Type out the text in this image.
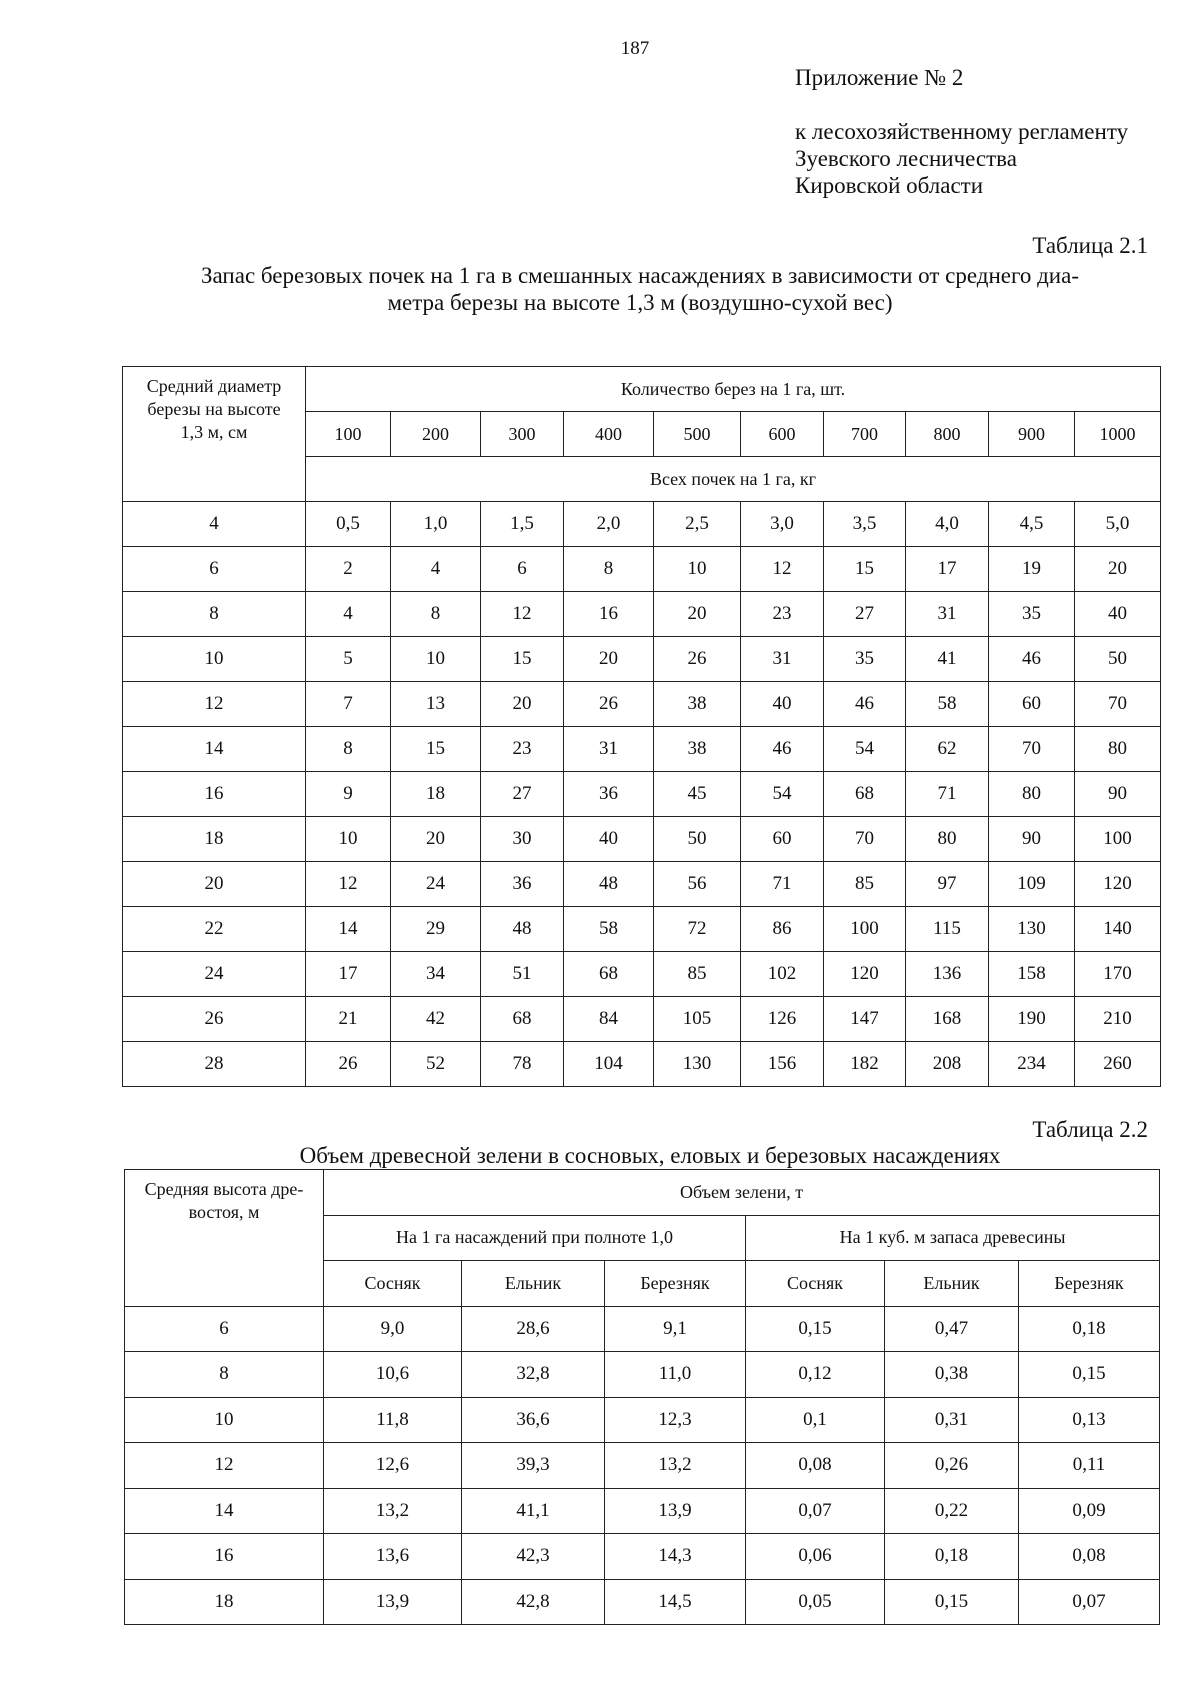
187
Приложение № 2
к лесохозяйственному регламенту
Зуевского лесничества
Кировской области
Таблица 2.1
Запас березовых почек на 1 га в смешанных насаждениях в зависимости от среднего диа-
метра березы на высоте 1,3 м (воздушно-сухой вес)
Средний диаметр
березы на высоте
1,3 м, см	Количество берез на 1 га, шт.									
	100	200	300	400	500	600	700	800	900	1000
	Всех почек на 1 га, кг									
4	0,5	1,0	1,5	2,0	2,5	3,0	3,5	4,0	4,5	5,0
6	2	4	6	8	10	12	15	17	19	20
8	4	8	12	16	20	23	27	31	35	40
10	5	10	15	20	26	31	35	41	46	50
12	7	13	20	26	38	40	46	58	60	70
14	8	15	23	31	38	46	54	62	70	80
16	9	18	27	36	45	54	68	71	80	90
18	10	20	30	40	50	60	70	80	90	100
20	12	24	36	48	56	71	85	97	109	120
22	14	29	48	58	72	86	100	115	130	140
24	17	34	51	68	85	102	120	136	158	170
26	21	42	68	84	105	126	147	168	190	210
28	26	52	78	104	130	156	182	208	234	260
Таблица 2.2
Объем древесной зелени в сосновых, еловых и березовых насаждениях
Средняя высота дре-
востоя, м	Объем зелени, т					
	На 1 га насаждений при полноте 1,0			На 1 куб. м запаса древесины		
	Сосняк	Ельник	Березняк	Сосняк	Ельник	Березняк
6	9,0	28,6	9,1	0,15	0,47	0,18
8	10,6	32,8	11,0	0,12	0,38	0,15
10	11,8	36,6	12,3	0,1	0,31	0,13
12	12,6	39,3	13,2	0,08	0,26	0,11
14	13,2	41,1	13,9	0,07	0,22	0,09
16	13,6	42,3	14,3	0,06	0,18	0,08
18	13,9	42,8	14,5	0,05	0,15	0,07
